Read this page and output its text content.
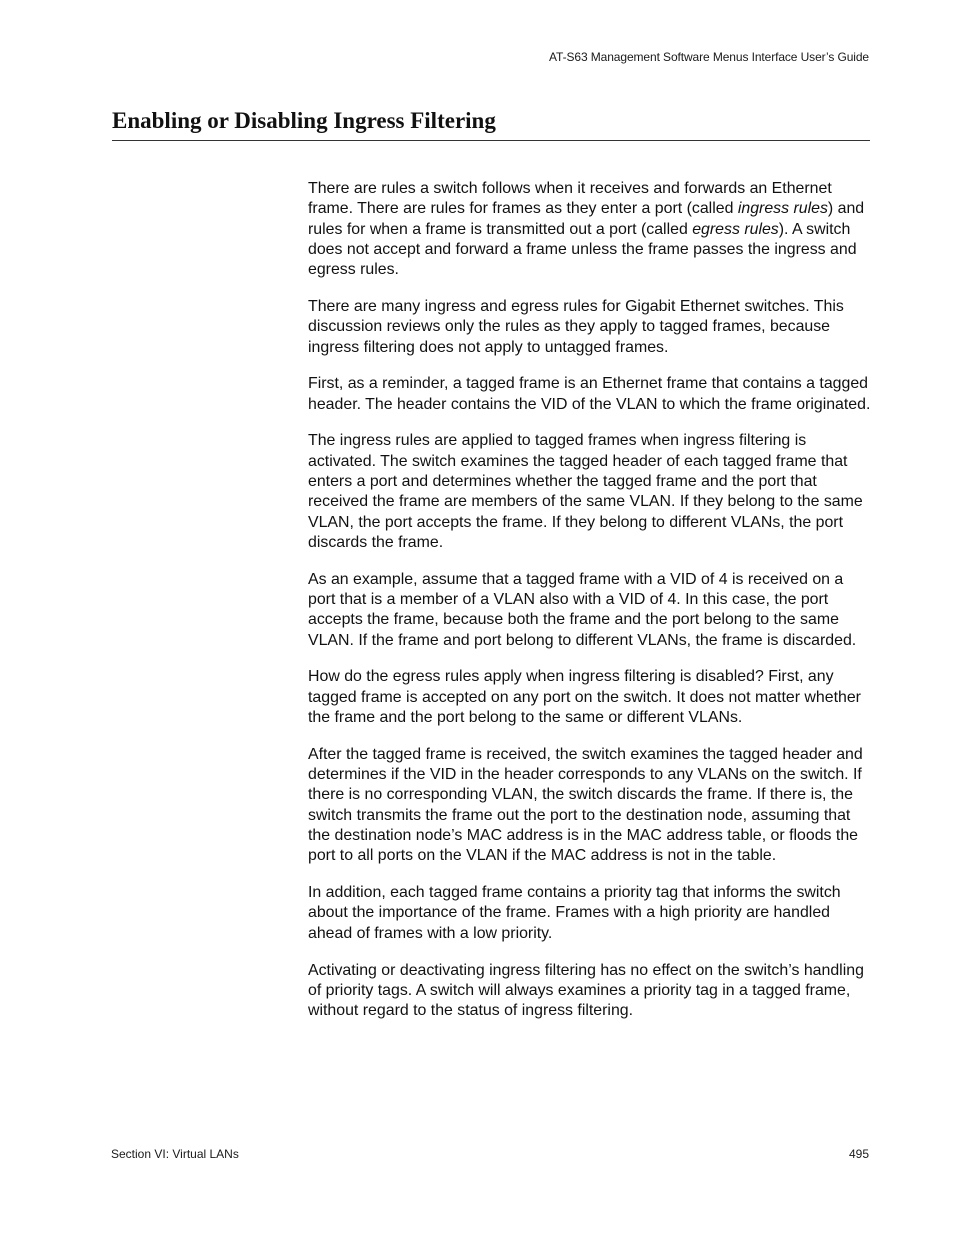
AT-S63 Management Software Menus Interface User’s Guide
Enabling or Disabling Ingress Filtering

There are rules a switch follows when it receives and forwards an Ethernet frame. There are rules for frames as they enter a port (called ingress rules) and rules for when a frame is transmitted out a port (called egress rules). A switch does not accept and forward a frame unless the frame passes the ingress and egress rules.

There are many ingress and egress rules for Gigabit Ethernet switches. This discussion reviews only the rules as they apply to tagged frames, because ingress filtering does not apply to untagged frames.

First, as a reminder, a tagged frame is an Ethernet frame that contains a tagged header. The header contains the VID of the VLAN to which the frame originated.

The ingress rules are applied to tagged frames when ingress filtering is activated. The switch examines the tagged header of each tagged frame that enters a port and determines whether the tagged frame and the port that received the frame are members of the same VLAN. If they belong to the same VLAN, the port accepts the frame. If they belong to different VLANs, the port discards the frame.

As an example, assume that a tagged frame with a VID of 4 is received on a port that is a member of a VLAN also with a VID of 4. In this case, the port accepts the frame, because both the frame and the port belong to the same VLAN. If the frame and port belong to different VLANs, the frame is discarded.

How do the egress rules apply when ingress filtering is disabled? First, any tagged frame is accepted on any port on the switch. It does not matter whether the frame and the port belong to the same or different VLANs.

After the tagged frame is received, the switch examines the tagged header and determines if the VID in the header corresponds to any VLANs on the switch. If there is no corresponding VLAN, the switch discards the frame. If there is, the switch transmits the frame out the port to the destination node, assuming that the destination node’s MAC address is in the MAC address table, or floods the port to all ports on the VLAN if the MAC address is not in the table.

In addition, each tagged frame contains a priority tag that informs the switch about the importance of the frame. Frames with a high priority are handled ahead of frames with a low priority.

Activating or deactivating ingress filtering has no effect on the switch’s handling of priority tags. A switch will always examines a priority tag in a tagged frame, without regard to the status of ingress filtering.

Section VI: Virtual LANs	495
